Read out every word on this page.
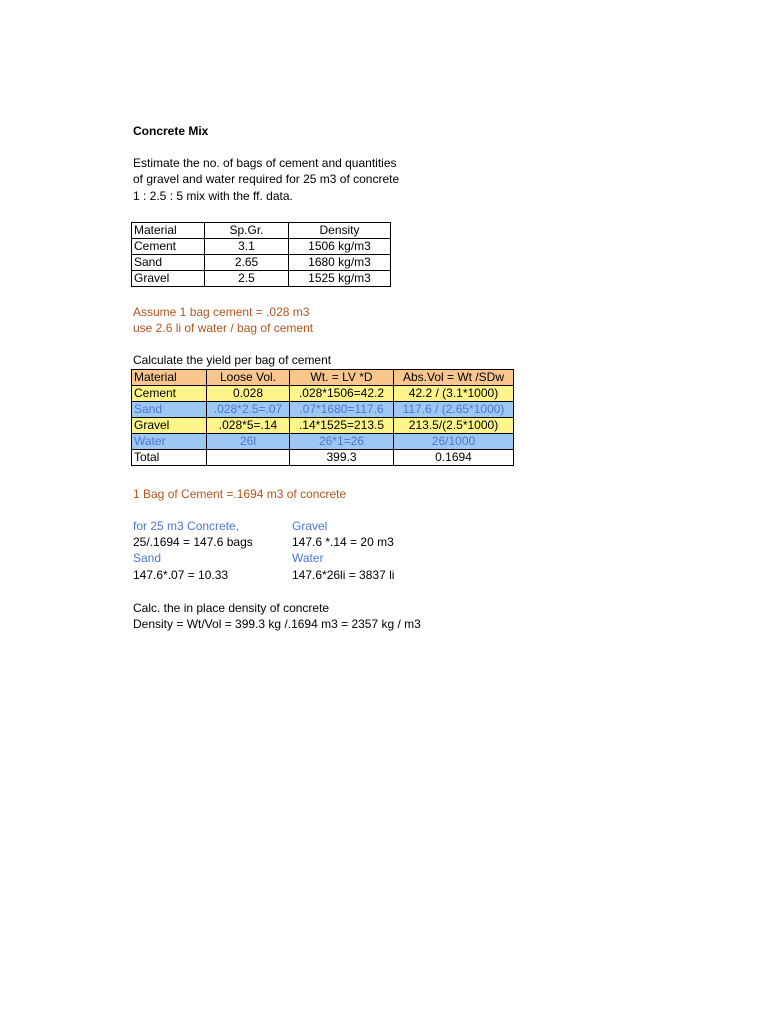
Concrete Mix
Estimate the no. of bags of cement and quantities
of gravel and water required for 25 m3 of concrete
1 : 2.5 : 5 mix with the ff. data.
Material	Sp.Gr.	Density
Cement	3.1	1506 kg/m3
Sand	2.65	1680 kg/m3
Gravel	2.5	1525 kg/m3
Assume 1 bag cement = .028 m3
use 2.6 li of water / bag of cement
Calculate the yield per bag of cement
Material	Loose Vol.	Wt. = LV *D	Abs.Vol = Wt /SDw
Cement	0.028	.028*1506=42.2	42.2 / (3.1*1000)
Sand	.028*2.5=.07	.07*1680=117.6	117.6 / (2.65*1000)
Gravel	.028*5=.14	.14*1525=213.5	213.5/(2.5*1000)
Water	26l	26*1=26	26/1000
Total		399.3	0.1694
1 Bag of Cement =.1694 m3 of concrete
for 25 m3 Concrete,
25/.1694 = 147.6 bags
Sand
147.6*.07 = 10.33
Gravel
147.6 *.14 = 20 m3
Water
147.6*26li = 3837 li
Calc. the in place density of concrete
Density = Wt/Vol = 399.3 kg /.1694 m3 = 2357 kg / m3
